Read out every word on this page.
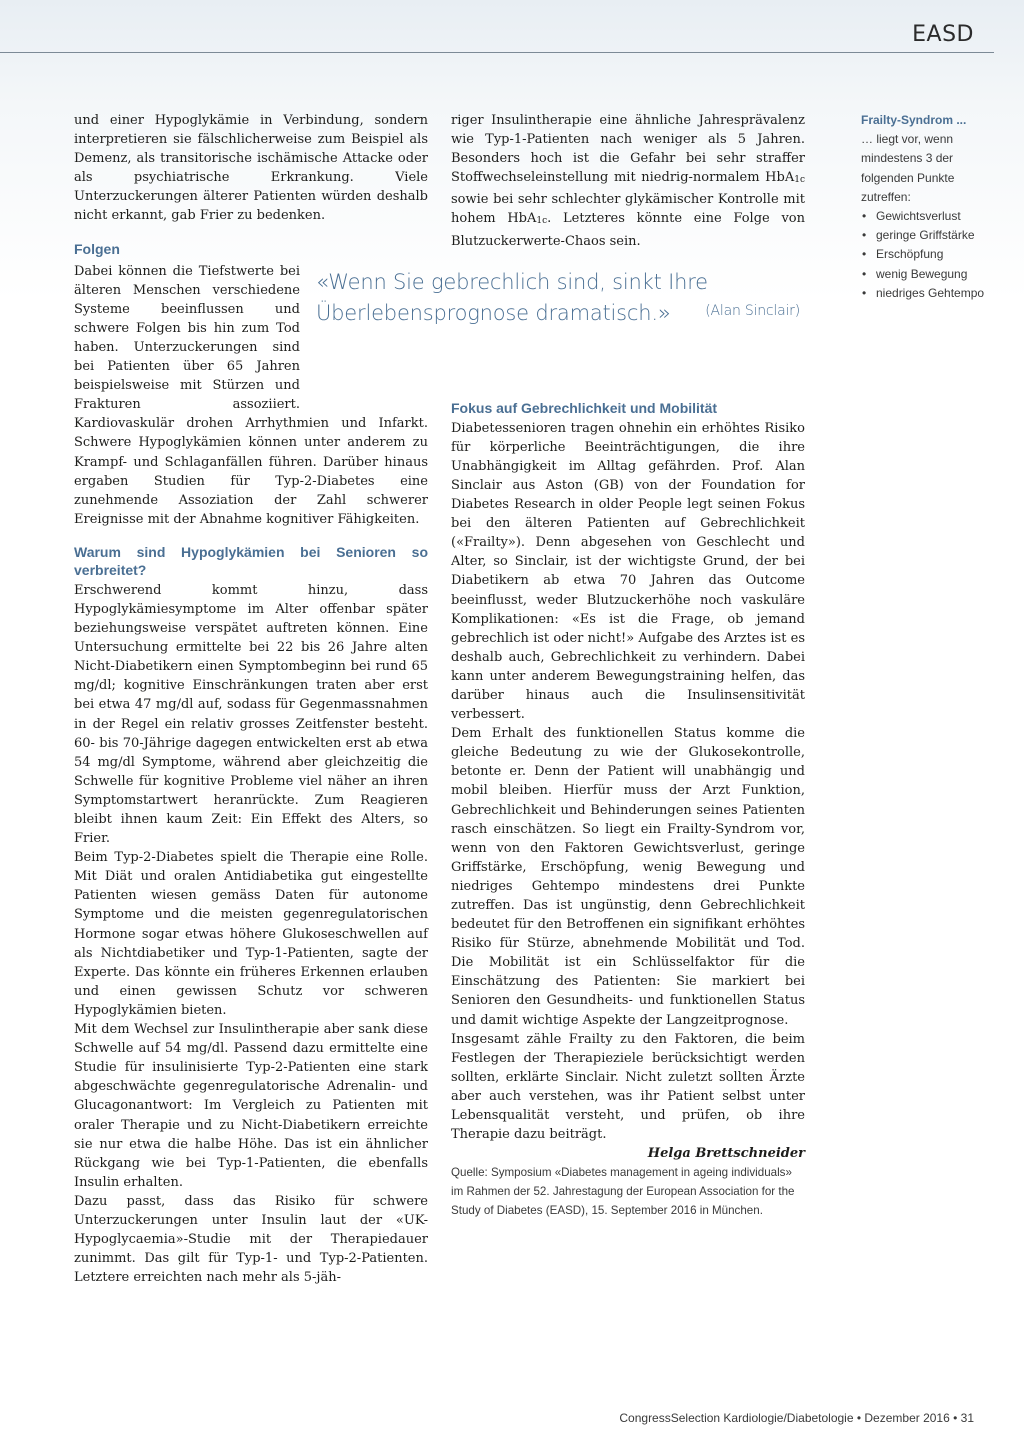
EASD

und einer Hypoglykämie in Verbindung, sondern interpretieren sie fälschlicherweise zum Beispiel als Demenz, als transitorische ischämische Attacke oder als psychiatrische Erkrankung. Viele Unterzuckerungen älterer Patienten würden deshalb nicht erkannt, gab Frier zu bedenken.

Folgen

Dabei können die Tiefstwerte bei älteren Menschen verschiedene Systeme beeinflussen und schwere Folgen bis hin zum Tod haben. Unterzuckerungen sind bei Patienten über 65 Jahren beispielsweise mit Stürzen und Frakturen assoziiert. Kardiovaskulär drohen Arrhythmien und Infarkt. Schwere Hypoglykämien können unter anderem zu Krampf- und Schlaganfällen führen. Darüber hinaus ergaben Studien für Typ-2-Diabetes eine zunehmende Assoziation der Zahl schwerer Ereignisse mit der Abnahme kognitiver Fähigkeiten.

Warum sind Hypoglykämien bei Senioren so verbreitet?

Erschwerend kommt hinzu, dass Hypoglykämiesymptome im Alter offenbar später beziehungsweise verspätet auftreten können. Eine Untersuchung ermittelte bei 22 bis 26 Jahre alten Nicht-Diabetikern einen Symptombeginn bei rund 65 mg/dl; kognitive Einschränkungen traten aber erst bei etwa 47 mg/dl auf, sodass für Gegenmassnahmen in der Regel ein relativ grosses Zeitfenster besteht. 60- bis 70-Jährige dagegen entwickelten erst ab etwa 54 mg/dl Symptome, während aber gleichzeitig die Schwelle für kognitive Probleme viel näher an ihren Symptomstartwert heranrückte. Zum Reagieren bleibt ihnen kaum Zeit: Ein Effekt des Alters, so Frier.

Beim Typ-2-Diabetes spielt die Therapie eine Rolle. Mit Diät und oralen Antidiabetika gut eingestellte Patienten wiesen gemäss Daten für autonome Symptome und die meisten gegenregulatorischen Hormone sogar etwas höhere Glukoseschwellen auf als Nichtdiabetiker und Typ-1-Patienten, sagte der Experte. Das könnte ein früheres Erkennen erlauben und einen gewissen Schutz vor schweren Hypoglykämien bieten.

Mit dem Wechsel zur Insulintherapie aber sank diese Schwelle auf 54 mg/dl. Passend dazu ermittelte eine Studie für insulinisierte Typ-2-Patienten eine stark abgeschwächte gegenregulatorische Adrenalin- und Glucagonantwort: Im Vergleich zu Patienten mit oraler Therapie und zu Nicht-Diabetikern erreichte sie nur etwa die halbe Höhe. Das ist ein ähnlicher Rückgang wie bei Typ-1-Patienten, die ebenfalls Insulin erhalten.

Dazu passt, dass das Risiko für schwere Unterzuckerungen unter Insulin laut der «UK-Hypoglycaemia»-Studie mit der Therapiedauer zunimmt. Das gilt für Typ-1- und Typ-2-Patienten. Letztere erreichten nach mehr als 5-jäh-

«Wenn Sie gebrechlich sind, sinkt Ihre Überlebensprognose dramatisch.» (Alan Sinclair)

riger Insulintherapie eine ähnliche Jahresprävalenz wie Typ-1-Patienten nach weniger als 5 Jahren. Besonders hoch ist die Gefahr bei sehr straffer Stoffwechseleinstellung mit niedrig-normalem HbA$_{1c}$ sowie bei sehr schlechter glykämischer Kontrolle mit hohem HbA$_{1c}$. Letzteres könnte eine Folge von Blutzuckerwerte-Chaos sein.

Fokus auf Gebrechlichkeit und Mobilität

Diabetessenioren tragen ohnehin ein erhöhtes Risiko für körperliche Beeinträchtigungen, die ihre Unabhängigkeit im Alltag gefährden. Prof. Alan Sinclair aus Aston (GB) von der Foundation for Diabetes Research in older People legt seinen Fokus bei den älteren Patienten auf Gebrechlichkeit («Frailty»). Denn abgesehen von Geschlecht und Alter, so Sinclair, ist der wichtigste Grund, der bei Diabetikern ab etwa 70 Jahren das Outcome beeinflusst, weder Blutzuckerhöhe noch vaskuläre Komplikationen: «Es ist die Frage, ob jemand gebrechlich ist oder nicht!» Aufgabe des Arztes ist es deshalb auch, Gebrechlichkeit zu verhindern. Dabei kann unter anderem Bewegungstraining helfen, das darüber hinaus auch die Insulinsensitivität verbessert.

Dem Erhalt des funktionellen Status komme die gleiche Bedeutung zu wie der Glukosekontrolle, betonte er. Denn der Patient will unabhängig und mobil bleiben. Hierfür muss der Arzt Funktion, Gebrechlichkeit und Behinderungen seines Patienten rasch einschätzen. So liegt ein Frailty-Syndrom vor, wenn von den Faktoren Gewichtsverlust, geringe Griffstärke, Erschöpfung, wenig Bewegung und niedriges Gehtempo mindestens drei Punkte zutreffen. Das ist ungünstig, denn Gebrechlichkeit bedeutet für den Betroffenen ein signifikant erhöhtes Risiko für Stürze, abnehmende Mobilität und Tod. Die Mobilität ist ein Schlüsselfaktor für die Einschätzung des Patienten: Sie markiert bei Senioren den Gesundheits- und funktionellen Status und damit wichtige Aspekte der Langzeitprognose.

Insgesamt zähle Frailty zu den Faktoren, die beim Festlegen der Therapieziele berücksichtigt werden sollten, erklärte Sinclair. Nicht zuletzt sollten Ärzte aber auch verstehen, was ihr Patient selbst unter Lebensqualität versteht, und prüfen, ob ihre Therapie dazu beiträgt.

Helga Brettschneider

Quelle: Symposium «Diabetes management in ageing individuals» im Rahmen der 52. Jahrestagung der European Association for the Study of Diabetes (EASD), 15. September 2016 in München.

Frailty-Syndrom ...
… liegt vor, wenn mindestens 3 der folgenden Punkte zutreffen:
• Gewichtsverlust
• geringe Griffstärke
• Erschöpfung
• wenig Bewegung
• niedriges Gehtempo
CongressSelection Kardiologie/Diabetologie • Dezember 2016 • 31
